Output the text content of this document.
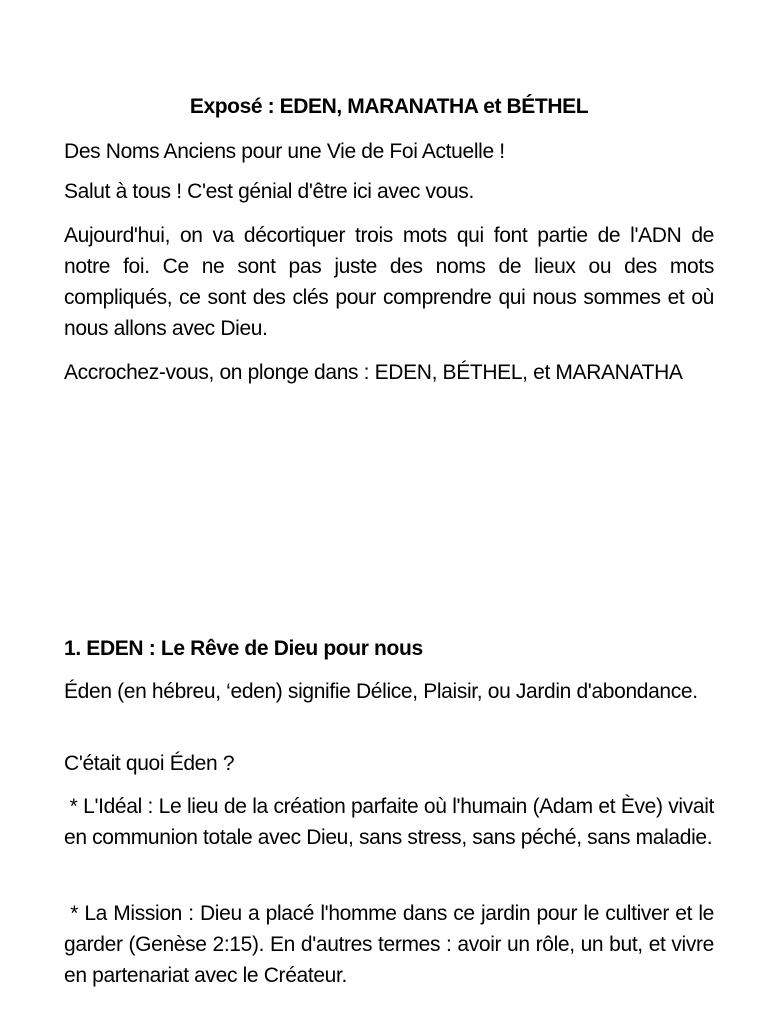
Exposé : EDEN, MARANATHA et BÉTHEL

Des Noms Anciens pour une Vie de Foi Actuelle !

Salut à tous ! C'est génial d'être ici avec vous.

Aujourd'hui, on va décortiquer trois mots qui font partie de l'ADN de notre foi. Ce ne sont pas juste des noms de lieux ou des mots compliqués, ce sont des clés pour comprendre qui nous sommes et où nous allons avec Dieu.

Accrochez-vous, on plonge dans : EDEN, BÉTHEL, et MARANATHA

1. EDEN : Le Rêve de Dieu pour nous

Éden (en hébreu, ‘eden) signifie Délice, Plaisir, ou Jardin d'abondance.

C'était quoi Éden ?

* L'Idéal : Le lieu de la création parfaite où l'humain (Adam et Ève) vivait en communion totale avec Dieu, sans stress, sans péché, sans maladie.

* La Mission : Dieu a placé l'homme dans ce jardin pour le cultiver et le garder (Genèse 2:15). En d'autres termes : avoir un rôle, un but, et vivre en partenariat avec le Créateur.
